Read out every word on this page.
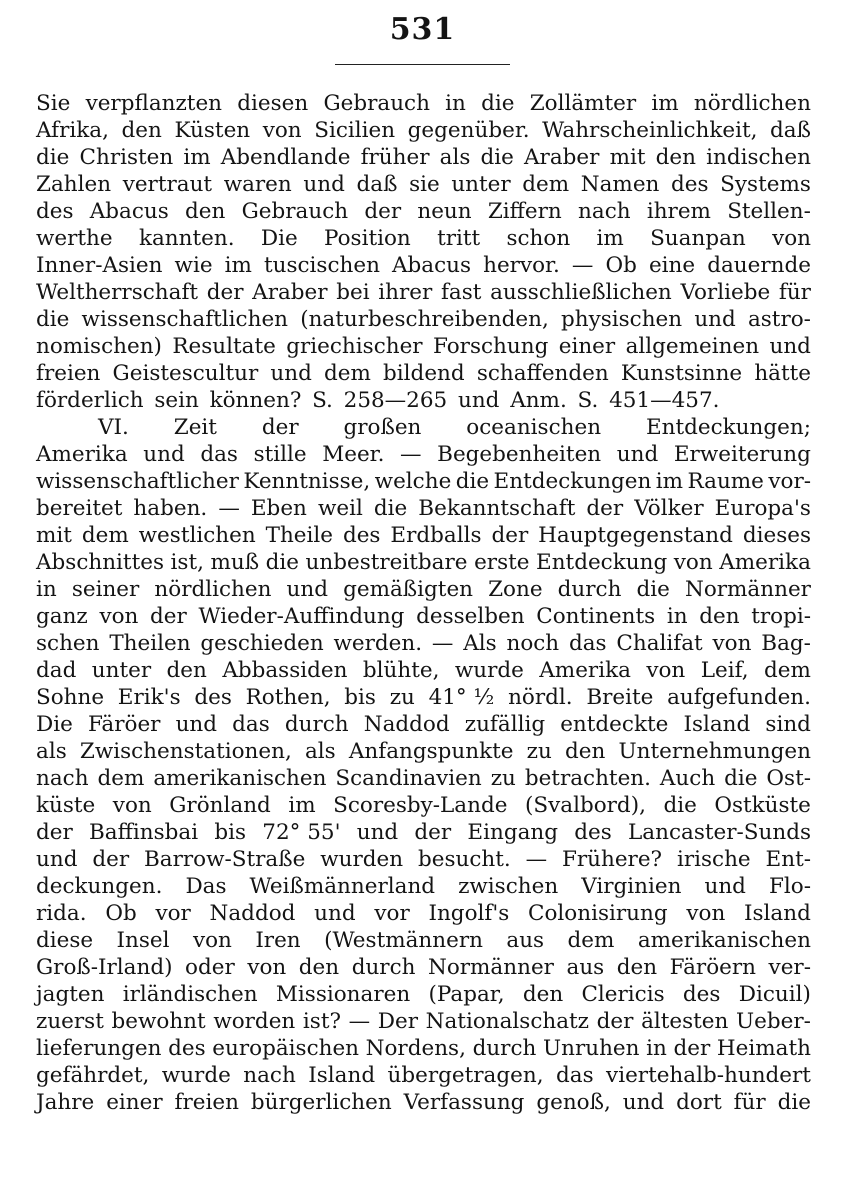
531
Sie verpflanzten diesen Gebrauch in die Zollämter im nördlichen
Afrika, den Küsten von Sicilien gegenüber. Wahrscheinlichkeit, daß
die Christen im Abendlande früher als die Araber mit den indischen
Zahlen vertraut waren und daß sie unter dem Namen des Systems
des Abacus den Gebrauch der neun Ziffern nach ihrem Stellen-
werthe kannten. Die Position tritt schon im Suanpan von
Inner-Asien wie im tuscischen Abacus hervor. — Ob eine dauernde
Weltherrschaft der Araber bei ihrer fast ausschließlichen Vorliebe für
die wissenschaftlichen (naturbeschreibenden, physischen und astro-
nomischen) Resultate griechischer Forschung einer allgemeinen und
freien Geistescultur und dem bildend schaffenden Kunstsinne hätte
förderlich sein können? S. 258—265 und Anm. S. 451—457.
VI. Zeit der großen oceanischen Entdeckungen;
Amerika und das stille Meer. — Begebenheiten und Erweiterung
wissenschaftlicher Kenntnisse, welche die Entdeckungen im Raume vor-
bereitet haben. — Eben weil die Bekanntschaft der Völker Europa's
mit dem westlichen Theile des Erdballs der Hauptgegenstand dieses
Abschnittes ist, muß die unbestreitbare erste Entdeckung von Amerika
in seiner nördlichen und gemäßigten Zone durch die Normänner
ganz von der Wieder-Auffindung desselben Continents in den tropi-
schen Theilen geschieden werden. — Als noch das Chalifat von Bag-
dad unter den Abbassiden blühte, wurde Amerika von Leif, dem
Sohne Erik's des Rothen, bis zu 41° ½ nördl. Breite aufgefunden.
Die Färöer und das durch Naddod zufällig entdeckte Island sind
als Zwischenstationen, als Anfangspunkte zu den Unternehmungen
nach dem amerikanischen Scandinavien zu betrachten. Auch die Ost-
küste von Grönland im Scoresby-Lande (Svalbord), die Ostküste
der Baffinsbai bis 72° 55' und der Eingang des Lancaster-Sunds
und der Barrow-Straße wurden besucht. — Frühere? irische Ent-
deckungen. Das Weißmännerland zwischen Virginien und Flo-
rida. Ob vor Naddod und vor Ingolf's Colonisirung von Island
diese Insel von Iren (Westmännern aus dem amerikanischen
Groß-Irland) oder von den durch Normänner aus den Färöern ver-
jagten irländischen Missionaren (Papar, den Clericis des Dicuil)
zuerst bewohnt worden ist? — Der Nationalschatz der ältesten Ueber-
lieferungen des europäischen Nordens, durch Unruhen in der Heimath
gefährdet, wurde nach Island übergetragen, das viertehalb-hundert
Jahre einer freien bürgerlichen Verfassung genoß, und dort für die
